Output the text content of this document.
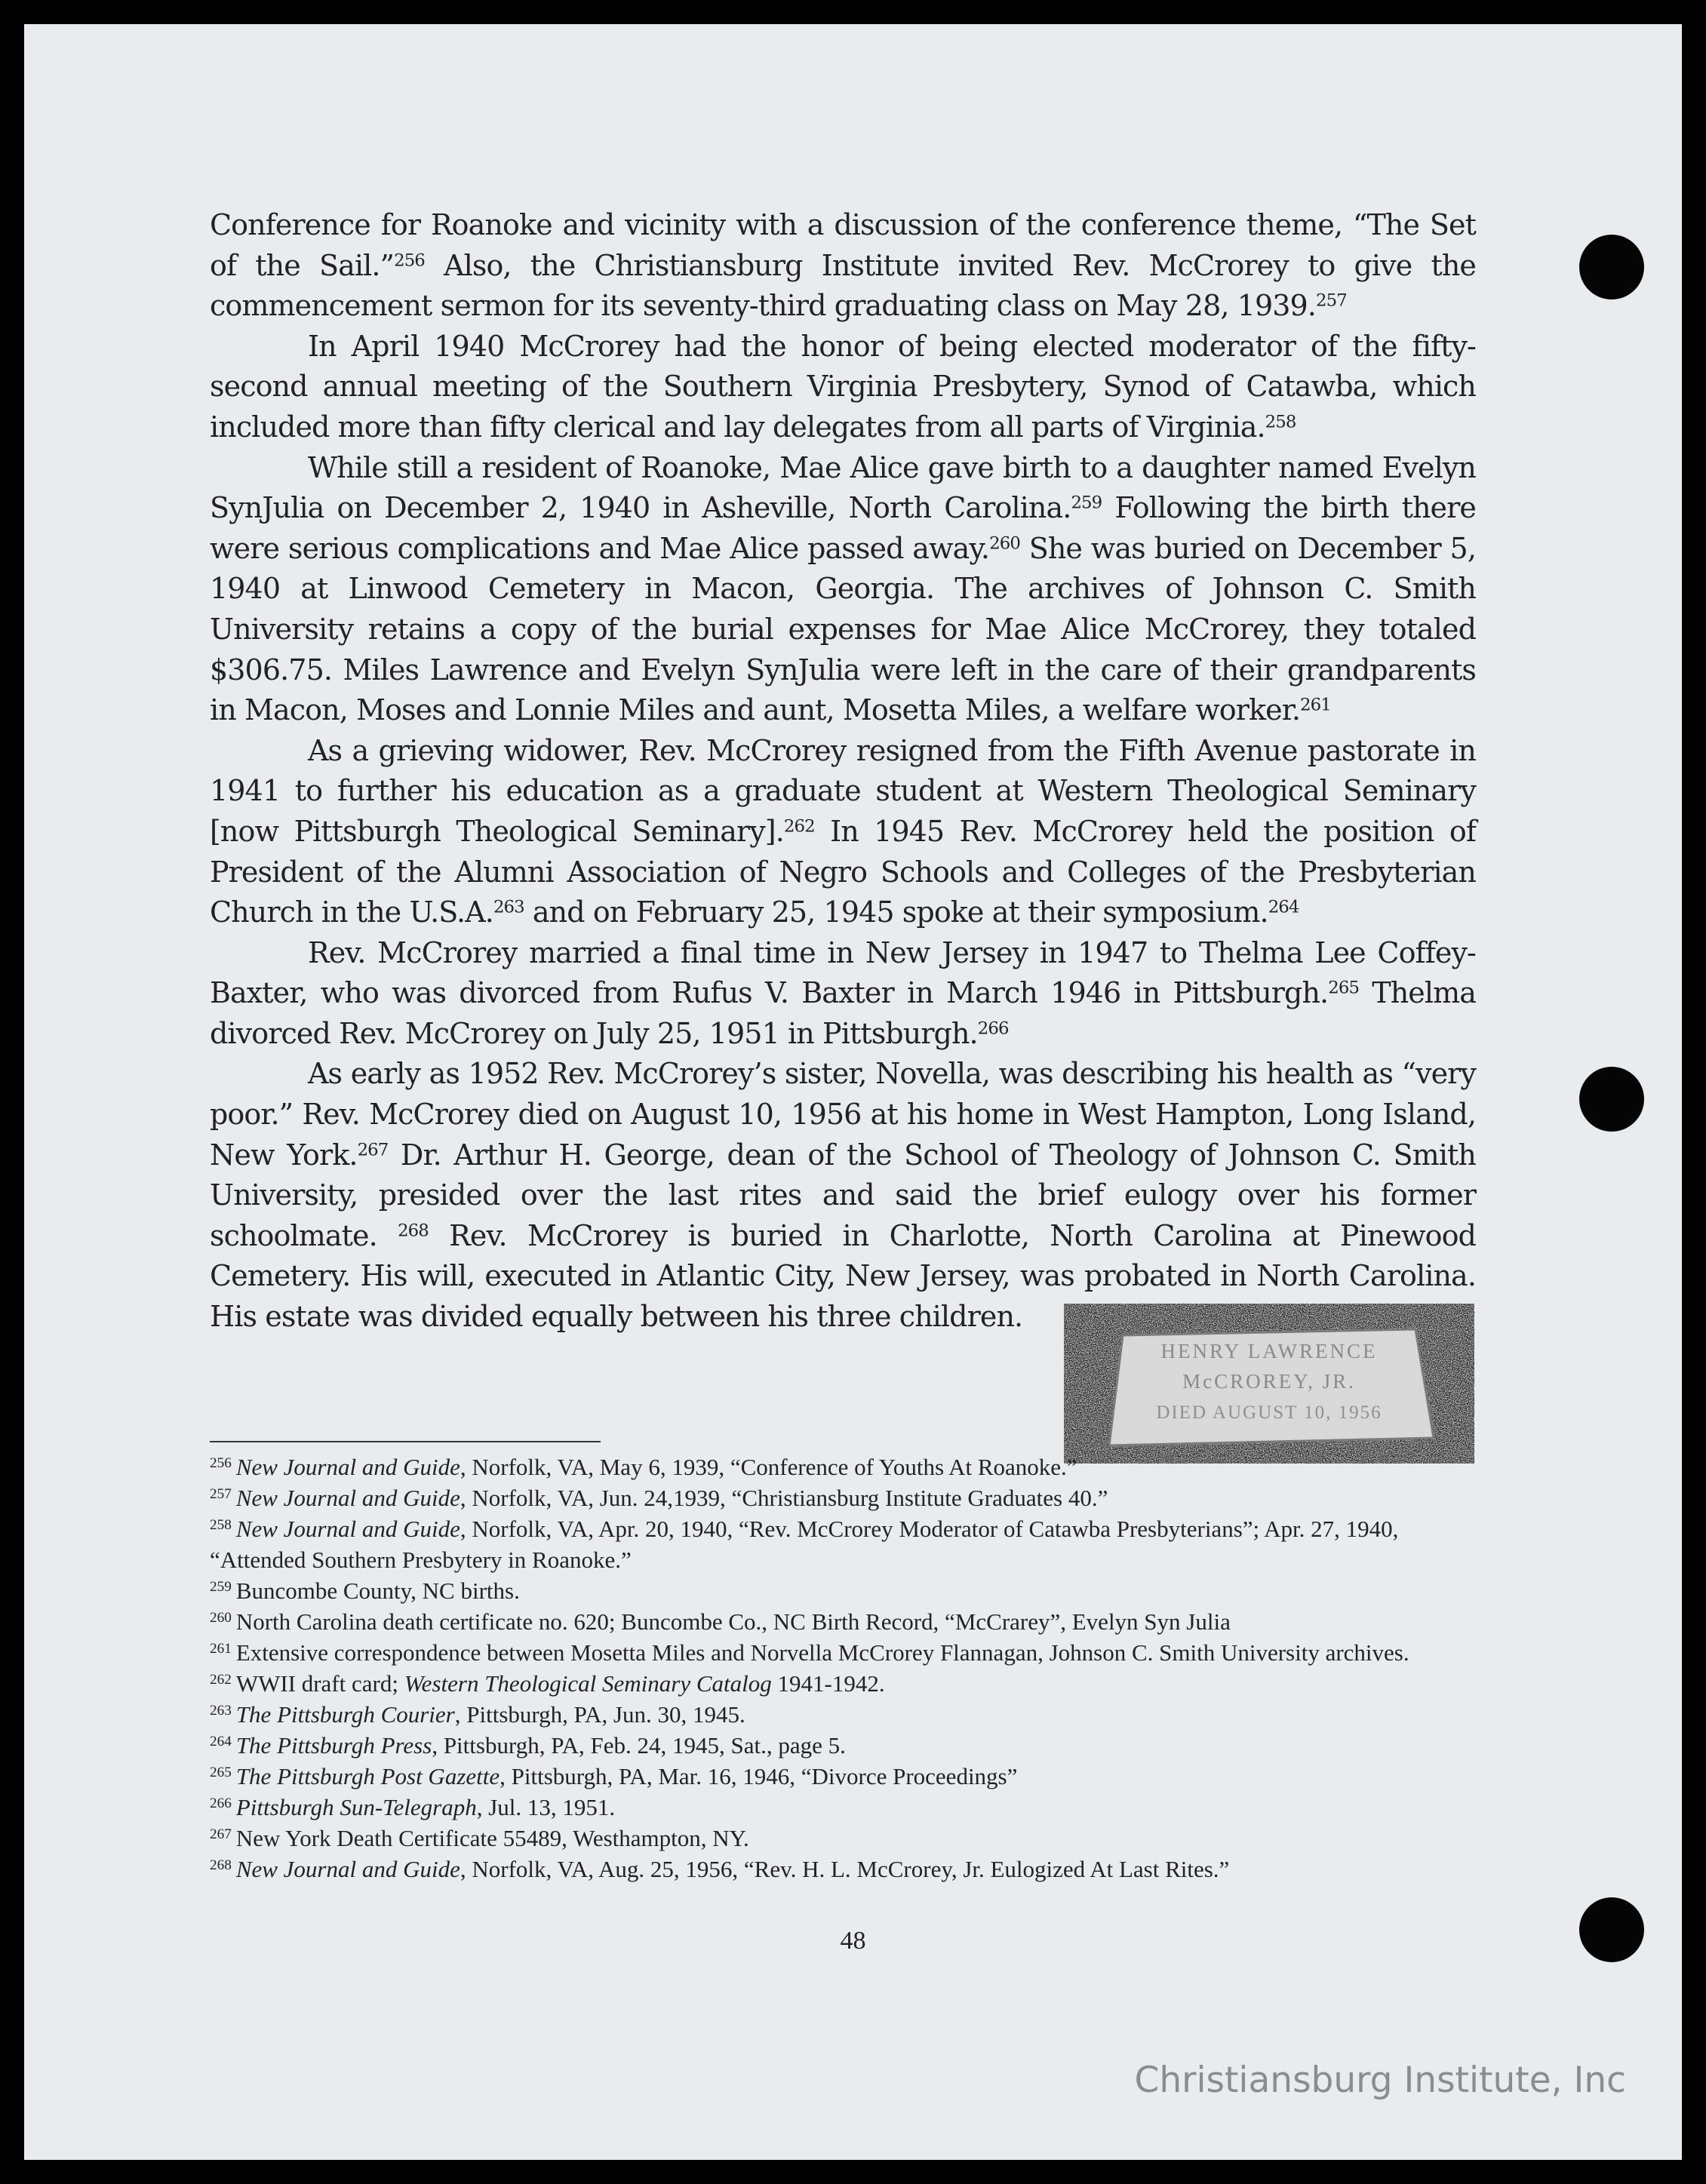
Conference for Roanoke and vicinity with a discussion of the conference theme, “The Set of the Sail.”$^{256}$ Also, the Christiansburg Institute invited Rev. McCrorey to give the commencement sermon for its seventy-third graduating class on May 28, 1939.$^{257}$

In April 1940 McCrorey had the honor of being elected moderator of the fifty-second annual meeting of the Southern Virginia Presbytery, Synod of Catawba, which included more than fifty clerical and lay delegates from all parts of Virginia.$^{258}$

While still a resident of Roanoke, Mae Alice gave birth to a daughter named Evelyn SynJulia on December 2, 1940 in Asheville, North Carolina.$^{259}$ Following the birth there were serious complications and Mae Alice passed away.$^{260}$ She was buried on December 5, 1940 at Linwood Cemetery in Macon, Georgia. The archives of Johnson C. Smith University retains a copy of the burial expenses for Mae Alice McCrorey, they totaled $306.75. Miles Lawrence and Evelyn SynJulia were left in the care of their grandparents in Macon, Moses and Lonnie Miles and aunt, Mosetta Miles, a welfare worker.$^{261}$

As a grieving widower, Rev. McCrorey resigned from the Fifth Avenue pastorate in 1941 to further his education as a graduate student at Western Theological Seminary [now Pittsburgh Theological Seminary].$^{262}$ In 1945 Rev. McCrorey held the position of President of the Alumni Association of Negro Schools and Colleges of the Presbyterian Church in the U.S.A.$^{263}$ and on February 25, 1945 spoke at their symposium.$^{264}$

Rev. McCrorey married a final time in New Jersey in 1947 to Thelma Lee Coffey-Baxter, who was divorced from Rufus V. Baxter in March 1946 in Pittsburgh.$^{265}$ Thelma divorced Rev. McCrorey on July 25, 1951 in Pittsburgh.$^{266}$

As early as 1952 Rev. McCrorey’s sister, Novella, was describing his health as “very poor.” Rev. McCrorey died on August 10, 1956 at his home in West Hampton, Long Island, New York.$^{267}$ Dr. Arthur H. George, dean of the School of Theology of Johnson C. Smith University, presided over the last rites and said the brief eulogy over his former schoolmate. $^{268}$ Rev. McCrorey is buried in Charlotte, North Carolina at Pinewood Cemetery. His will, executed in Atlantic City, New Jersey, was probated in North Carolina. His estate was divided equally between his three children.

HENRY LAWRENCE
McCROREY, JR.
DIED AUGUST 10, 1956

$^{256}$ New Journal and Guide, Norfolk, VA, May 6, 1939, “Conference of Youths At Roanoke.”

$^{257}$ New Journal and Guide, Norfolk, VA, Jun. 24,1939, “Christiansburg Institute Graduates 40.”

$^{258}$ New Journal and Guide, Norfolk, VA, Apr. 20, 1940, “Rev. McCrorey Moderator of Catawba Presbyterians”; Apr. 27, 1940, “Attended Southern Presbytery in Roanoke.”

$^{259}$ Buncombe County, NC births.

$^{260}$ North Carolina death certificate no. 620; Buncombe Co., NC Birth Record, “McCrarey”, Evelyn Syn Julia

$^{261}$ Extensive correspondence between Mosetta Miles and Norvella McCrorey Flannagan, Johnson C. Smith University archives.

$^{262}$ WWII draft card; Western Theological Seminary Catalog 1941-1942.

$^{263}$ The Pittsburgh Courier, Pittsburgh, PA, Jun. 30, 1945.

$^{264}$ The Pittsburgh Press, Pittsburgh, PA, Feb. 24, 1945, Sat., page 5.

$^{265}$ The Pittsburgh Post Gazette, Pittsburgh, PA, Mar. 16, 1946, “Divorce Proceedings”

$^{266}$ Pittsburgh Sun-Telegraph, Jul. 13, 1951.

$^{267}$ New York Death Certificate 55489, Westhampton, NY.

$^{268}$ New Journal and Guide, Norfolk, VA, Aug. 25, 1956, “Rev. H. L. McCrorey, Jr. Eulogized At Last Rites.”

48
Christiansburg Institute, Inc
